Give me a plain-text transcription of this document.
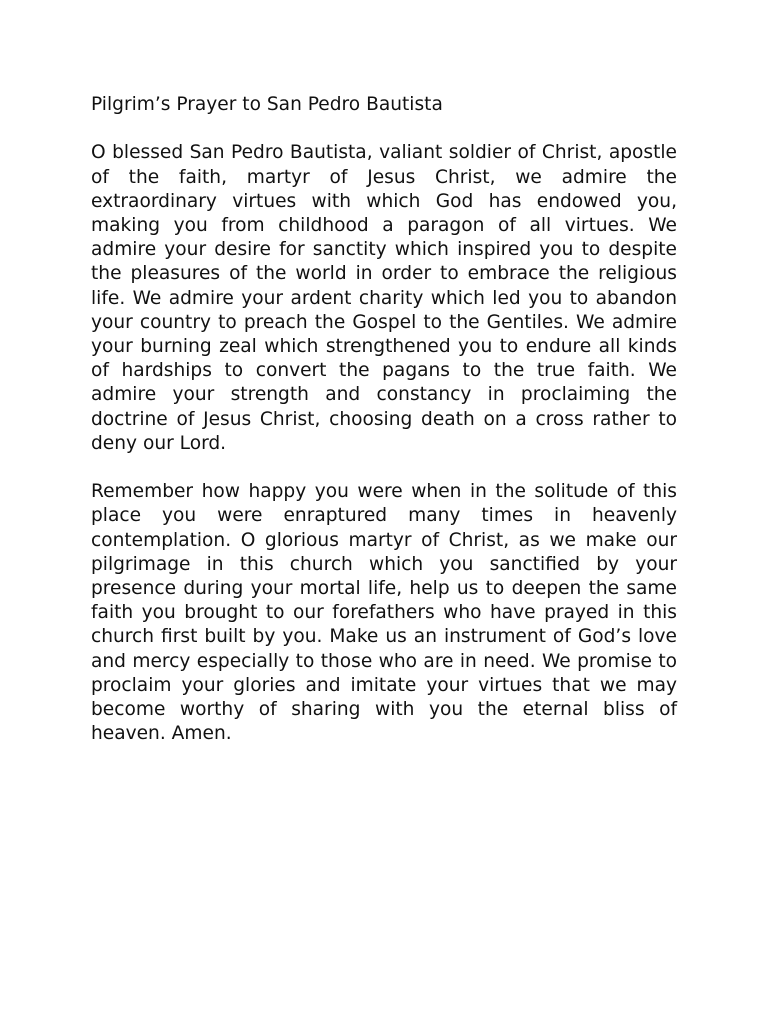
Pilgrim’s Prayer to San Pedro Bautista

O blessed San Pedro Bautista, valiant soldier of Christ, apostle of the faith, martyr of Jesus Christ, we admire the extraordinary virtues with which God has endowed you, making you from childhood a paragon of all virtues. We admire your desire for sanctity which inspired you to despite the pleasures of the world in order to embrace the religious life. We admire your ardent charity which led you to abandon your country to preach the Gospel to the Gentiles. We admire your burning zeal which strengthened you to endure all kinds of hardships to convert the pagans to the true faith. We admire your strength and constancy in proclaiming the doctrine of Jesus Christ, choosing death on a cross rather to deny our Lord.

Remember how happy you were when in the solitude of this place you were enraptured many times in heavenly contemplation. O glorious martyr of Christ, as we make our pilgrimage in this church which you sanctified by your presence during your mortal life, help us to deepen the same faith you brought to our forefathers who have prayed in this church first built by you. Make us an instrument of God’s love and mercy especially to those who are in need. We promise to proclaim your glories and imitate your virtues that we may become worthy of sharing with you the eternal bliss of heaven. Amen.
